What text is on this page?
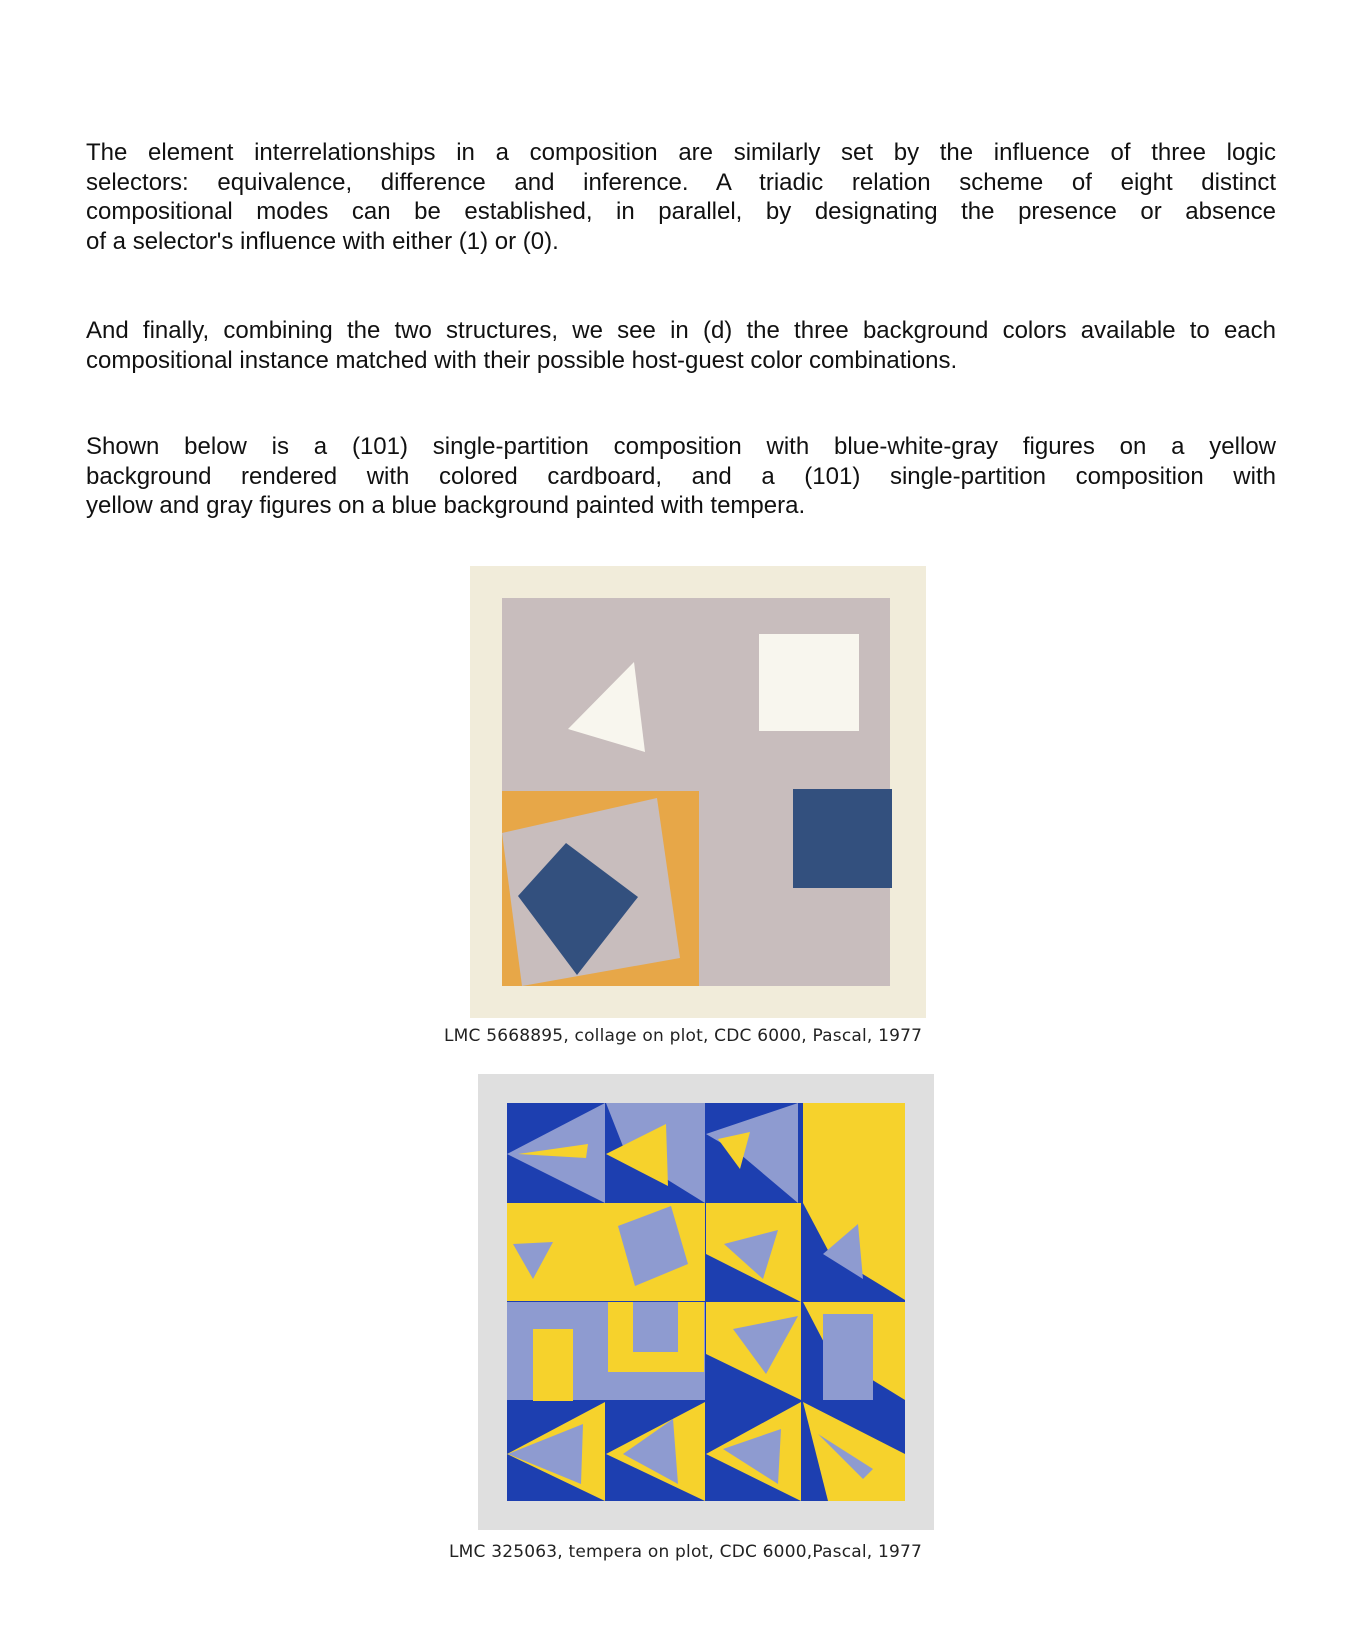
The element interrelationships in a composition are similarly set by the influence of three logic
selectors: equivalence, difference and inference. A triadic relation scheme of eight distinct
compositional modes can be established, in parallel, by designating the presence or absence
of a selector's influence with either (1) or (0).
And finally, combining the two structures, we see in (d) the three background colors available to each
compositional instance matched with their possible host-guest color combinations.
Shown below is a (101) single-partition composition with blue-white-gray figures on a yellow
background rendered with colored cardboard, and a (101) single-partition composition with
yellow and gray figures on a blue background painted with tempera.
LMC 5668895, collage on plot, CDC 6000, Pascal, 1977
LMC 325063, tempera on plot, CDC 6000,Pascal, 1977
